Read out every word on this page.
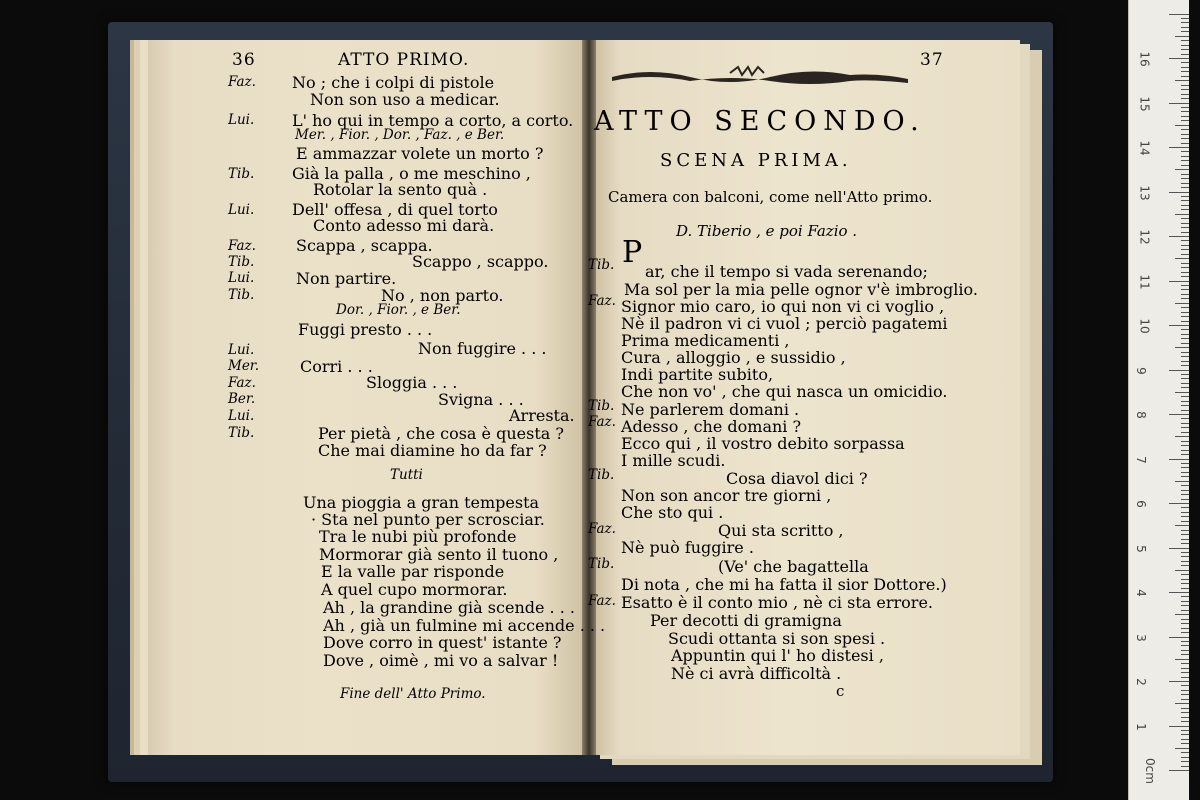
36	ATTO PRIMO.
Faz.
Lui.
Tib.
Lui.
Faz.
Tib.
Lui.
Tib.
Lui.
Mer.
Faz.
Ber.
Lui.
Tib.
No ; che i colpi di pistole
Non son uso a medicar.
L' ho qui in tempo a corto, a corto.
Mer. , Fior. , Dor. , Faz. , e Ber.
E ammazzar volete un morto ?
Già la palla , o me meschino ,
Rotolar la sento quà .
Dell' offesa , di quel torto
Conto adesso mi darà.
Scappa , scappa.
Scappo , scappo.
Non partire.
No , non parto.
Dor. , Fior. , e Ber.
Fuggi presto . . .
Non fuggire . . .
Corri . . .
Sloggia . . .
Svigna . . .
Arresta.
Per pietà , che cosa è questa ?
Che mai diamine ho da far ?
Tutti
Una pioggia a gran tempesta
· Sta nel punto per scrosciar.
Tra le nubi più profonde
Mormorar già sento il tuono ,
E la valle par risponde
A quel cupo mormorar.
Ah , la grandine già scende . . .
Ah , già un fulmine mi accende . . .
Dove corro in quest' istante ?
Dove , oimè , mi vo a salvar !
Fine dell' Atto Primo.
37
ATTO SECONDO.
SCENA PRIMA.
Camera con balconi, come nell'Atto primo.
D. Tiberio , e poi Fazio .
P
Tib.
Faz.
Tib.
Faz.
Tib.
Faz.
Tib.
Faz.
ar, che il tempo si vada serenando;
Ma sol per la mia pelle ognor v'è imbroglio.
Signor mio caro, io qui non vi ci voglio ,
Nè il padron vi ci vuol ; perciò pagatemi
Prima medicamenti ,
Cura , alloggio , e sussidio ,
Indi partite subito,
Che non vo' , che qui nasca un omicidio.
Ne parlerem domani .
Adesso , che domani ?
Ecco qui , il vostro debito sorpassa
I mille scudi.
Cosa diavol dici ?
Non son ancor tre giorni ,
Che sto qui .
Qui sta scritto ,
Nè può fuggire .
(Ve' che bagattella
Di nota , che mi ha fatta il sior Dottore.)
Esatto è il conto mio , nè ci sta errore.
Per decotti di gramigna
Scudi ottanta si son spesi .
Appuntin qui l' ho distesi ,
Nè ci avrà difficoltà .
c
16
15
14
13
12
11
10
9
8
7
6
5
4
3
2
1
0cm
